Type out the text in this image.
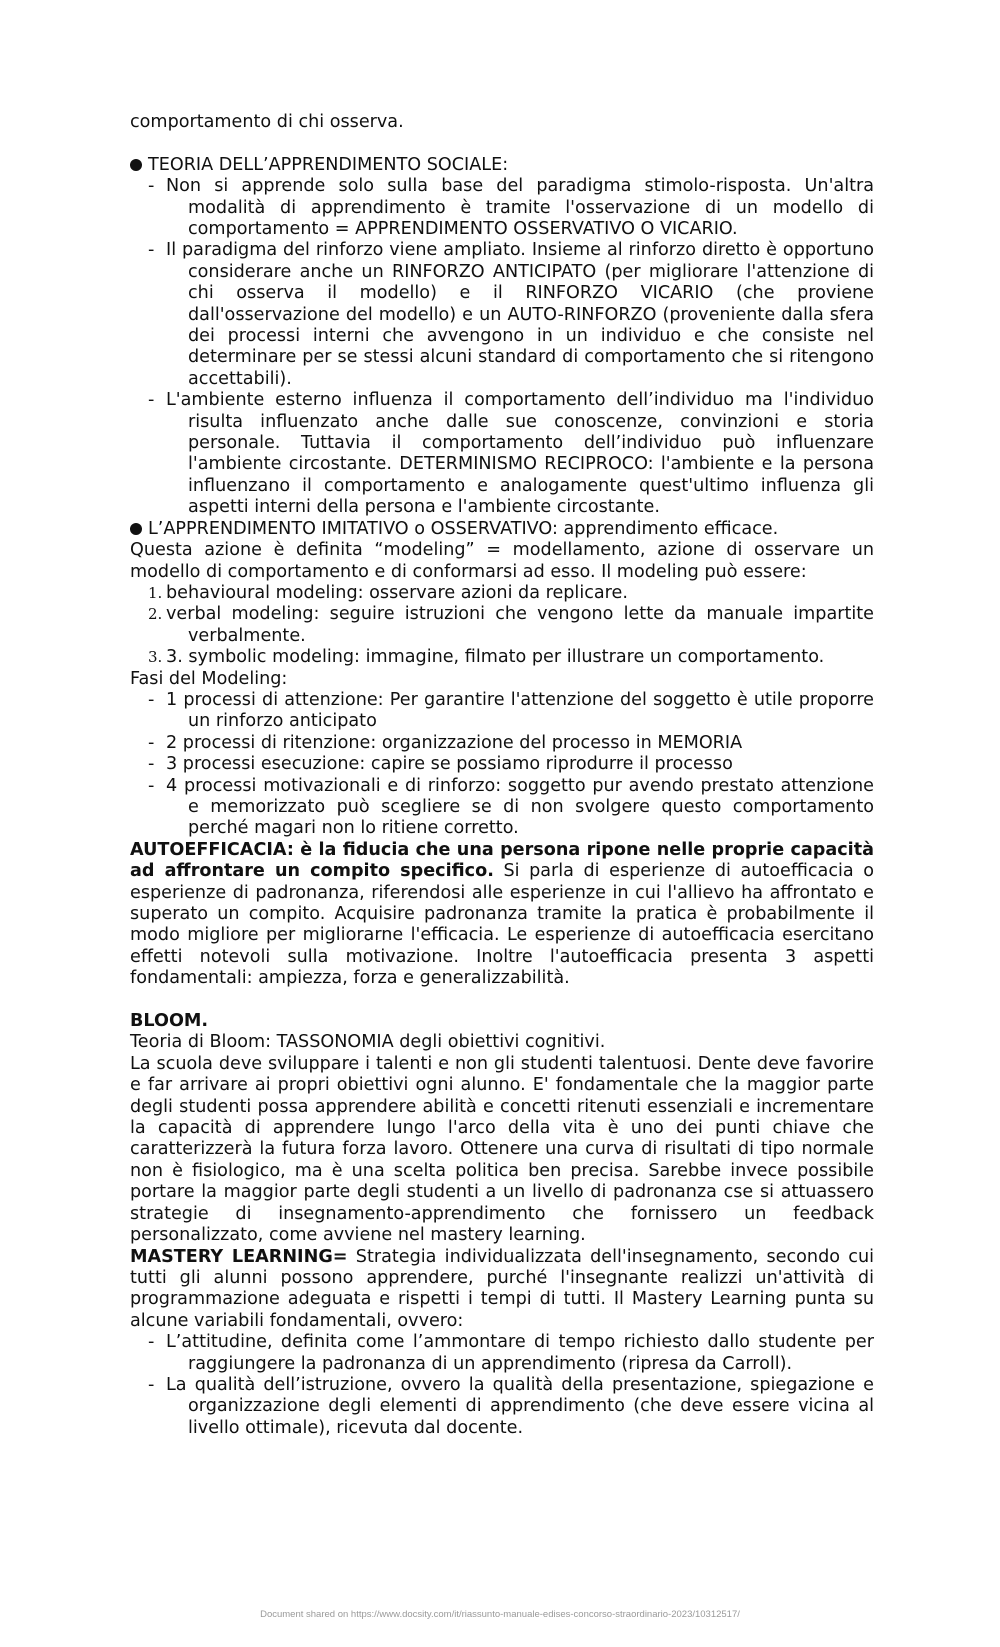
comportamento di chi osserva.

TEORIA DELL’APPRENDIMENTO SOCIALE:

- Non si apprende solo sulla base del paradigma stimolo-risposta. Un'altra modalità di apprendimento è tramite l'osservazione di un modello di comportamento = APPRENDIMENTO OSSERVATIVO O VICARIO.

- Il paradigma del rinforzo viene ampliato. Insieme al rinforzo diretto è opportuno considerare anche un RINFORZO ANTICIPATO (per migliorare l'attenzione di chi osserva il modello) e il RINFORZO VICARIO (che proviene dall'osservazione del modello) e un AUTO-RINFORZO (proveniente dalla sfera dei processi interni che avvengono in un individuo e che consiste nel determinare per se stessi alcuni standard di comportamento che si ritengono accettabili).

- L'ambiente esterno influenza il comportamento dell’individuo ma l'individuo risulta influenzato anche dalle sue conoscenze, convinzioni e storia personale. Tuttavia il comportamento dell’individuo può influenzare l'ambiente circostante. DETERMINISMO RECIPROCO: l'ambiente e la persona influenzano il comportamento e analogamente quest'ultimo influenza gli aspetti interni della persona e l'ambiente circostante.

L’APPRENDIMENTO IMITATIVO o OSSERVATIVO: apprendimento efficace.

Questa azione è definita “modeling” = modellamento, azione di osservare un modello di comportamento e di conformarsi ad esso. Il modeling può essere:

1. behavioural modeling: osservare azioni da replicare.

2. verbal modeling: seguire istruzioni che vengono lette da manuale impartite verbalmente.

3. 3. symbolic modeling: immagine, filmato per illustrare un comportamento.

Fasi del Modeling:

- 1 processi di attenzione: Per garantire l'attenzione del soggetto è utile proporre un rinforzo anticipato

- 2 processi di ritenzione: organizzazione del processo in MEMORIA

- 3 processi esecuzione: capire se possiamo riprodurre il processo

- 4 processi motivazionali e di rinforzo: soggetto pur avendo prestato attenzione e memorizzato può scegliere se di non svolgere questo comportamento perché magari non lo ritiene corretto.

AUTOEFFICACIA: è la fiducia che una persona ripone nelle proprie capacità ad affrontare un compito specifico. Si parla di esperienze di autoefficacia o esperienze di padronanza, riferendosi alle esperienze in cui l'allievo ha affrontato e superato un compito. Acquisire padronanza tramite la pratica è probabilmente il modo migliore per migliorarne l'efficacia. Le esperienze di autoefficacia esercitano effetti notevoli sulla motivazione. Inoltre l'autoefficacia presenta 3 aspetti fondamentali: ampiezza, forza e generalizzabilità.

BLOOM.

Teoria di Bloom: TASSONOMIA degli obiettivi cognitivi.

La scuola deve sviluppare i talenti e non gli studenti talentuosi. Dente deve favorire e far arrivare ai propri obiettivi ogni alunno. E' fondamentale che la maggior parte degli studenti possa apprendere abilità e concetti ritenuti essenziali e incrementare la capacità di apprendere lungo l'arco della vita è uno dei punti chiave che caratterizzerà la futura forza lavoro. Ottenere una curva di risultati di tipo normale non è fisiologico, ma è una scelta politica ben precisa. Sarebbe invece possibile portare la maggior parte degli studenti a un livello di padronanza cse si attuassero strategie di insegnamento-apprendimento che fornissero un feedback personalizzato, come avviene nel mastery learning.

MASTERY LEARNING= Strategia individualizzata dell'insegnamento, secondo cui tutti gli alunni possono apprendere, purché l'insegnante realizzi un'attività di programmazione adeguata e rispetti i tempi di tutti. Il Mastery Learning punta su alcune variabili fondamentali, ovvero:

- L’attitudine, definita come l’ammontare di tempo richiesto dallo studente per raggiungere la padronanza di un apprendimento (ripresa da Carroll).

- La qualità dell’istruzione, ovvero la qualità della presentazione, spiegazione e organizzazione degli elementi di apprendimento (che deve essere vicina al livello ottimale), ricevuta dal docente.

Document shared on https://www.docsity.com/it/riassunto-manuale-edises-concorso-straordinario-2023/10312517/
